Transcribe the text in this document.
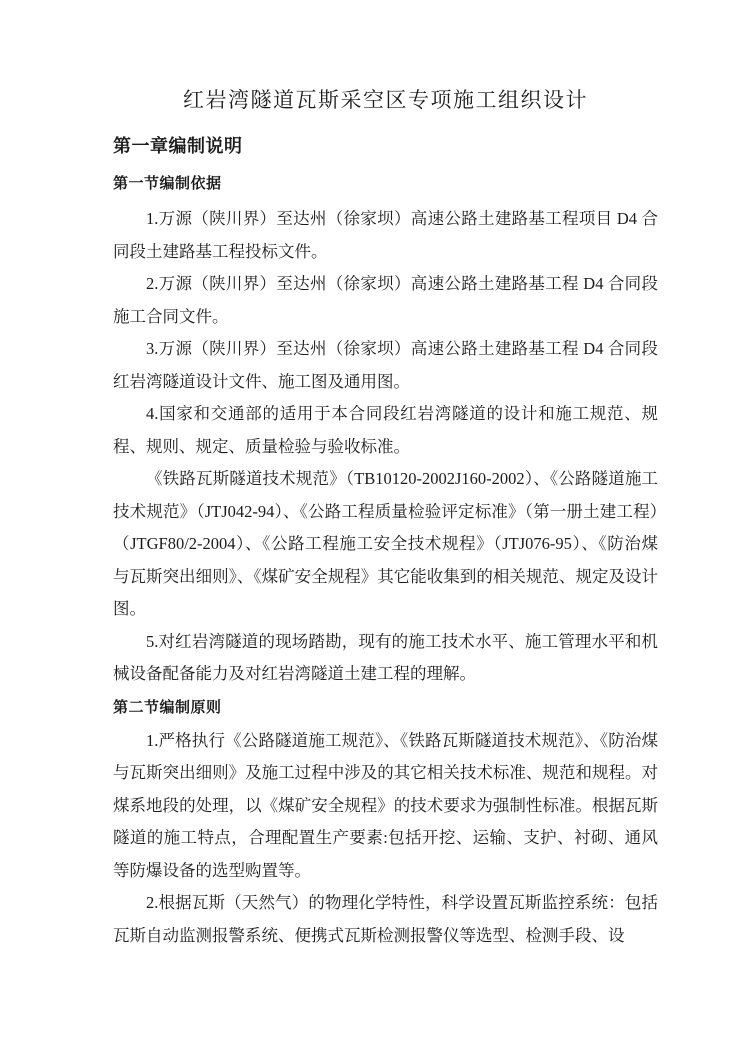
红岩湾隧道瓦斯采空区专项施工组织设计
第一章编制说明
第一节编制依据

1.万源（陕川界）至达州（徐家坝）高速公路土建路基工程项目 D4 合同段土建路基工程投标文件。

2.万源（陕川界）至达州（徐家坝）高速公路土建路基工程 D4 合同段施工合同文件。

3.万源（陕川界）至达州（徐家坝）高速公路土建路基工程 D4 合同段红岩湾隧道设计文件、施工图及通用图。

4.国家和交通部的适用于本合同段红岩湾隧道的设计和施工规范、规程、规则、规定、质量检验与验收标准。

《铁路瓦斯隧道技术规范》（TB10120-2002J160-2002）、《公路隧道施工技术规范》（JTJ042-94）、《公路工程质量检验评定标准》（第一册土建工程）（JTGF80/2-2004）、《公路工程施工安全技术规程》（JTJ076-95）、《防治煤与瓦斯突出细则》、《煤矿安全规程》其它能收集到的相关规范、规定及设计图。

5.对红岩湾隧道的现场踏勘，现有的施工技术水平、施工管理水平和机械设备配备能力及对红岩湾隧道土建工程的理解。

第二节编制原则

1.严格执行《公路隧道施工规范》、《铁路瓦斯隧道技术规范》、《防治煤与瓦斯突出细则》及施工过程中涉及的其它相关技术标准、规范和规程。对煤系地段的处理，以《煤矿安全规程》的技术要求为强制性标准。根据瓦斯隧道的施工特点，合理配置生产要素:包括开挖、运输、支护、衬砌、通风等防爆设备的选型购置等。

2.根据瓦斯（天然气）的物理化学特性，科学设置瓦斯监控系统：包括瓦斯自动监测报警系统、便携式瓦斯检测报警仪等选型、检测手段、设
